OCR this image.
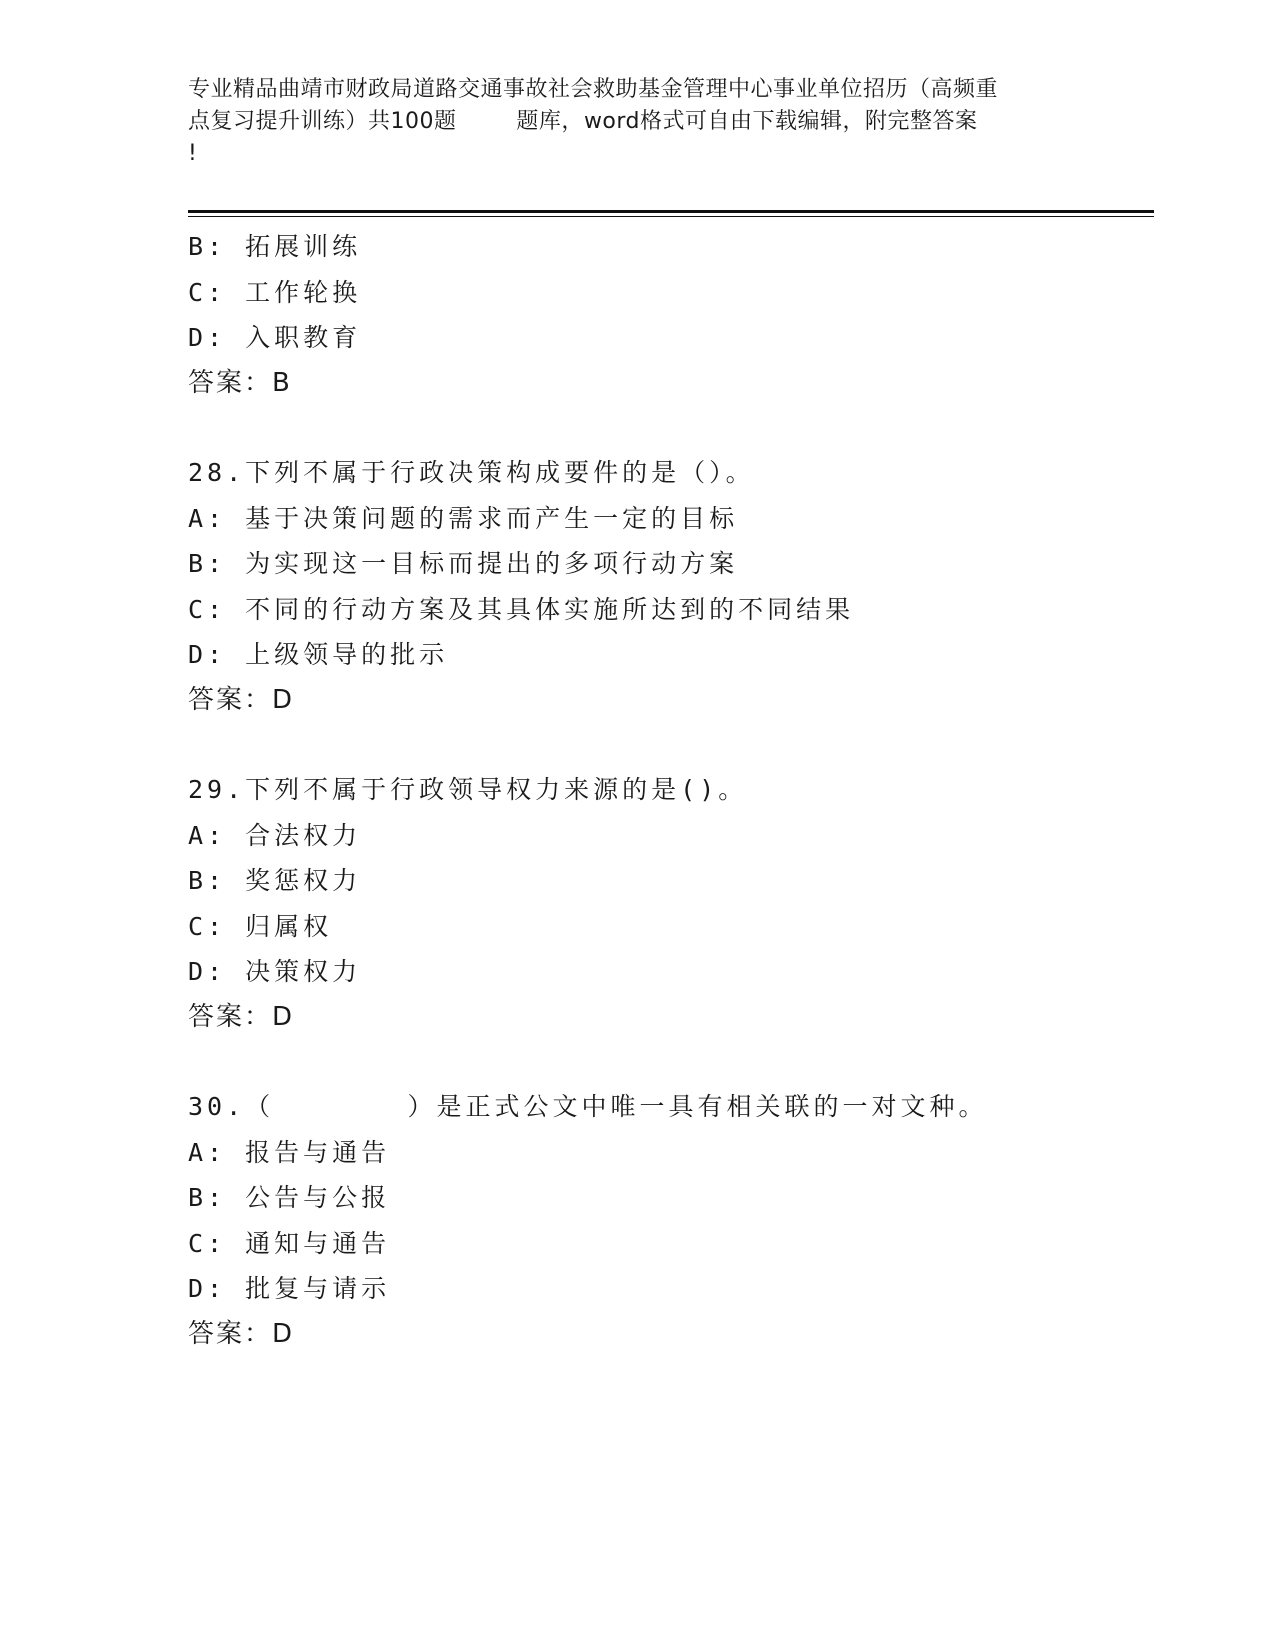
专业精品曲靖市财政局道路交通事故社会救助基金管理中心事业单位招历（高频重
点复习提升训练）共100题        题库，word格式可自由下载编辑，附完整答案
!
B: 拓展训练
C: 工作轮换
D: 入职教育
答案：B
28.下列不属于行政决策构成要件的是（）。
A: 基于决策问题的需求而产生一定的目标
B: 为实现这一目标而提出的多项行动方案
C: 不同的行动方案及其具体实施所达到的不同结果
D: 上级领导的批示
答案：D
29.下列不属于行政领导权力来源的是()。
A: 合法权力
B: 奖惩权力
C: 归属权
D: 决策权力
答案：D
30.（       ）是正式公文中唯一具有相关联的一对文种。
A: 报告与通告
B: 公告与公报
C: 通知与通告
D: 批复与请示
答案：D
